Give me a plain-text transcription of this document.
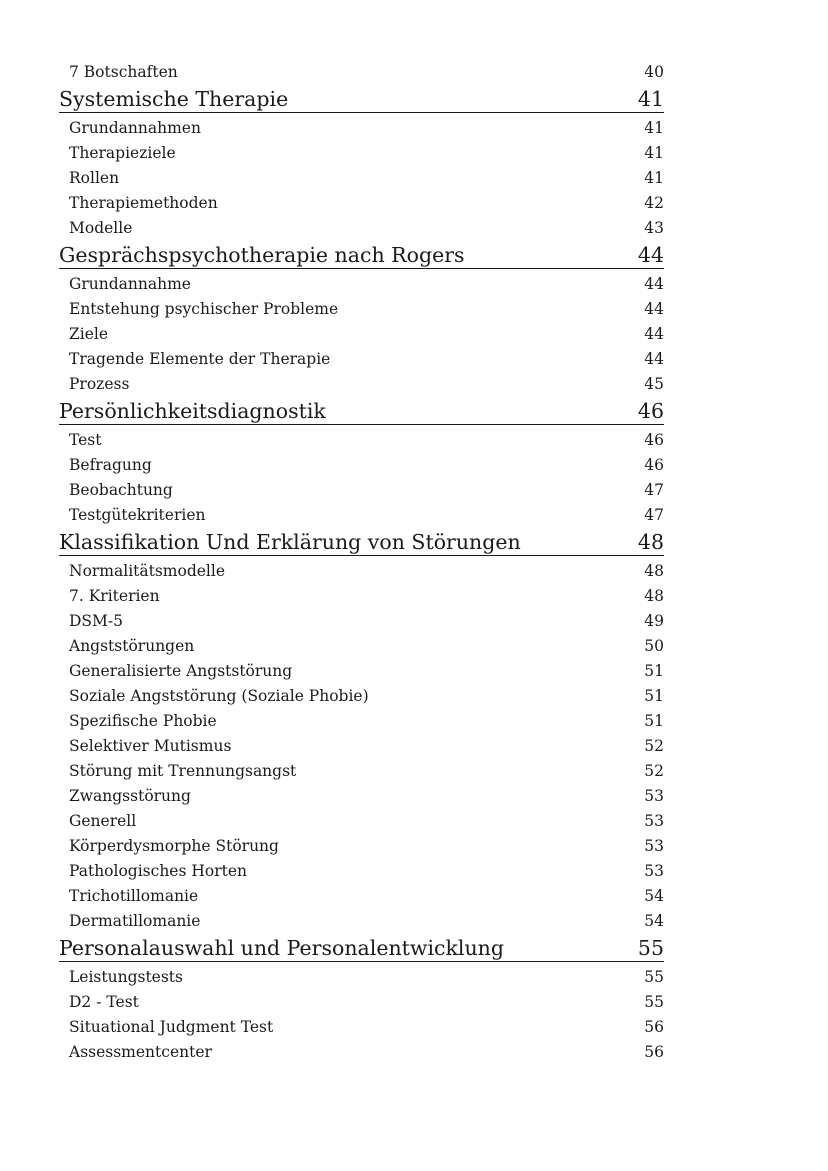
7 Botschaften	40
Systemische Therapie	41
Grundannahmen	41
Therapieziele	41
Rollen	41
Therapiemethoden	42
Modelle	43
Gesprächspsychotherapie nach Rogers	44
Grundannahme	44
Entstehung psychischer Probleme	44
Ziele	44
Tragende Elemente der Therapie	44
Prozess	45
Persönlichkeitsdiagnostik	46
Test	46
Befragung	46
Beobachtung	47
Testgütekriterien	47
Klassifikation Und Erklärung von Störungen	48
Normalitätsmodelle	48
7. Kriterien	48
DSM-5	49
Angststörungen	50
Generalisierte Angststörung	51
Soziale Angststörung (Soziale Phobie)	51
Spezifische Phobie	51
Selektiver Mutismus	52
Störung mit Trennungsangst	52
Zwangsstörung	53
Generell	53
Körperdysmorphe Störung	53
Pathologisches Horten	53
Trichotillomanie	54
Dermatillomanie	54
Personalauswahl und Personalentwicklung	55
Leistungstests	55
D2 - Test	55
Situational Judgment Test	56
Assessmentcenter	56
